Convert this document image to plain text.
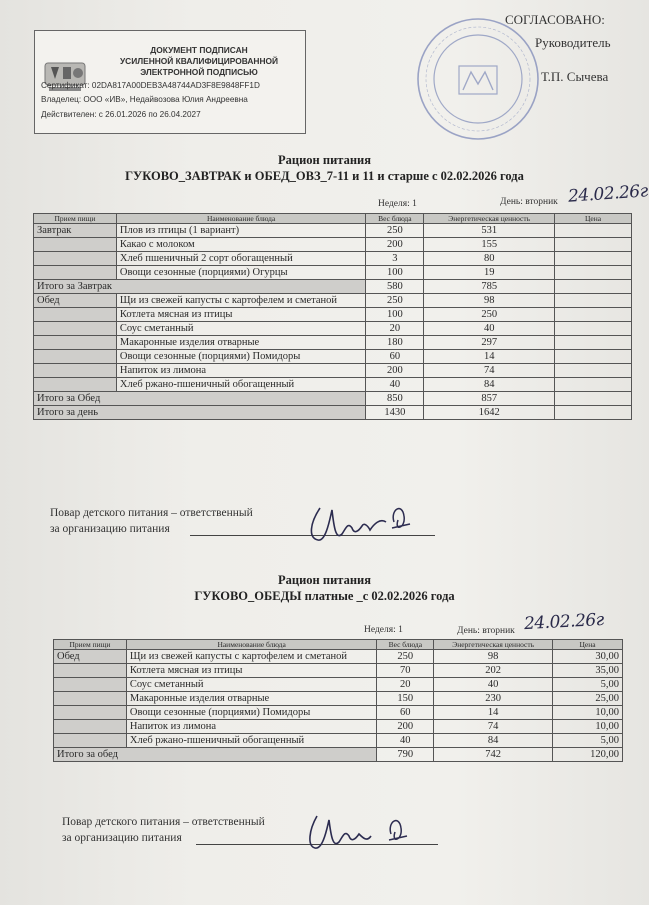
ДОКУМЕНТ ПОДПИСАН
УСИЛЕННОЙ КВАЛИФИЦИРОВАННОЙ
ЭЛЕКТРОННОЙ ПОДПИСЬЮ
Сертификат: 02DA817A00DEB3A48744AD3F8E9848FF1D
Владелец: ООО «ИВ», Недайвозова Юлия Андреевна
Действителен: с 26.01.2026 по 26.04.2027
СОГЛАСОВАНО:
Руководитель
Т.П. Сычева
Рацион питания
ГУКОВО_ЗАВТРАК и ОБЕД_ОВЗ_7-11 и 11 и старше с 02.02.2026 года
Неделя: 1	День: вторник 24.02.26г
Прием пищи	Наименование блюда	Вес блюда	Энергетическая ценность	Цена
Завтрак	Плов из птицы (1 вариант)	250	531	
	Какао с молоком	200	155	
	Хлеб пшеничный 2 сорт обогащенный	3	80	
	Овощи сезонные (порциями) Огурцы	100	19	
Итого за Завтрак		580	785	
Обед	Щи из свежей капусты с картофелем и сметаной	250	98	
	Котлета мясная из птицы	100	250	
	Соус сметанный	20	40	
	Макаронные изделия отварные	180	297	
	Овощи сезонные (порциями) Помидоры	60	14	
	Напиток из лимона	200	74	
	Хлеб ржано-пшеничный обогащенный	40	84	
Итого за Обед		850	857	
Итого за день		1430	1642	
Повар детского питания – ответственный
за организацию питания
Рацион питания
ГУКОВО_ОБЕДЫ платные _с 02.02.2026 года
Неделя: 1	День: вторник 24.02.26г
Прием пищи	Наименование блюда	Вес блюда	Энергетическая ценность	Цена
Обед	Щи из свежей капусты с картофелем и сметаной	250	98	30,00
	Котлета мясная из птицы	70	202	35,00
	Соус сметанный	20	40	5,00
	Макаронные изделия отварные	150	230	25,00
	Овощи сезонные (порциями) Помидоры	60	14	10,00
	Напиток из лимона	200	74	10,00
	Хлеб ржано-пшеничный обогащенный	40	84	5,00
Итого за обед		790	742	120,00
Повар детского питания – ответственный
за организацию питания
